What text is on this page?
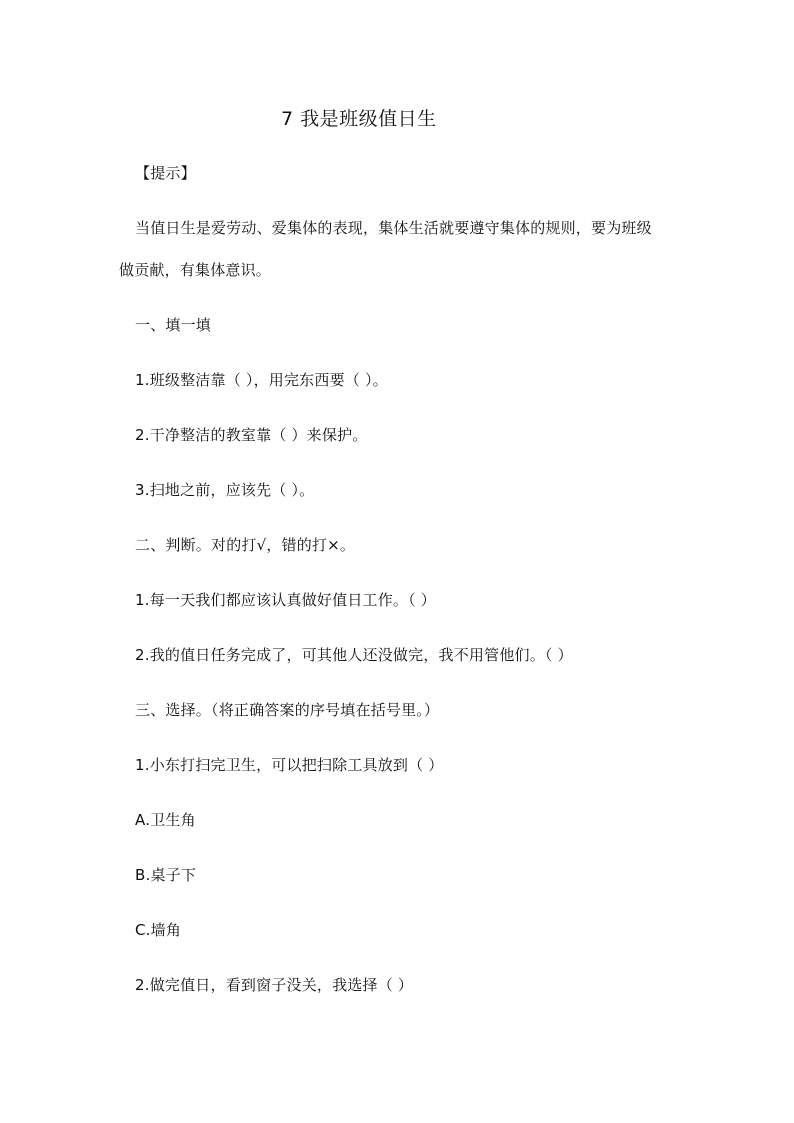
7 我是班级值日生
【提示】
当值日生是爱劳动、爱集体的表现，集体生活就要遵守集体的规则，要为班级
做贡献，有集体意识。
一、填一填
1.班级整洁靠（ ），用完东西要（ ）。
2.干净整洁的教室靠（ ）来保护。
3.扫地之前，应该先（ ）。
二、判断。对的打√，错的打×。
1.每一天我们都应该认真做好值日工作。（ ）
2.我的值日任务完成了，可其他人还没做完，我不用管他们。（ ）
三、选择。（将正确答案的序号填在括号里。）
1.小东打扫完卫生，可以把扫除工具放到（ ）
A.卫生角
B.桌子下
C.墙角
2.做完值日，看到窗子没关，我选择（ ）
